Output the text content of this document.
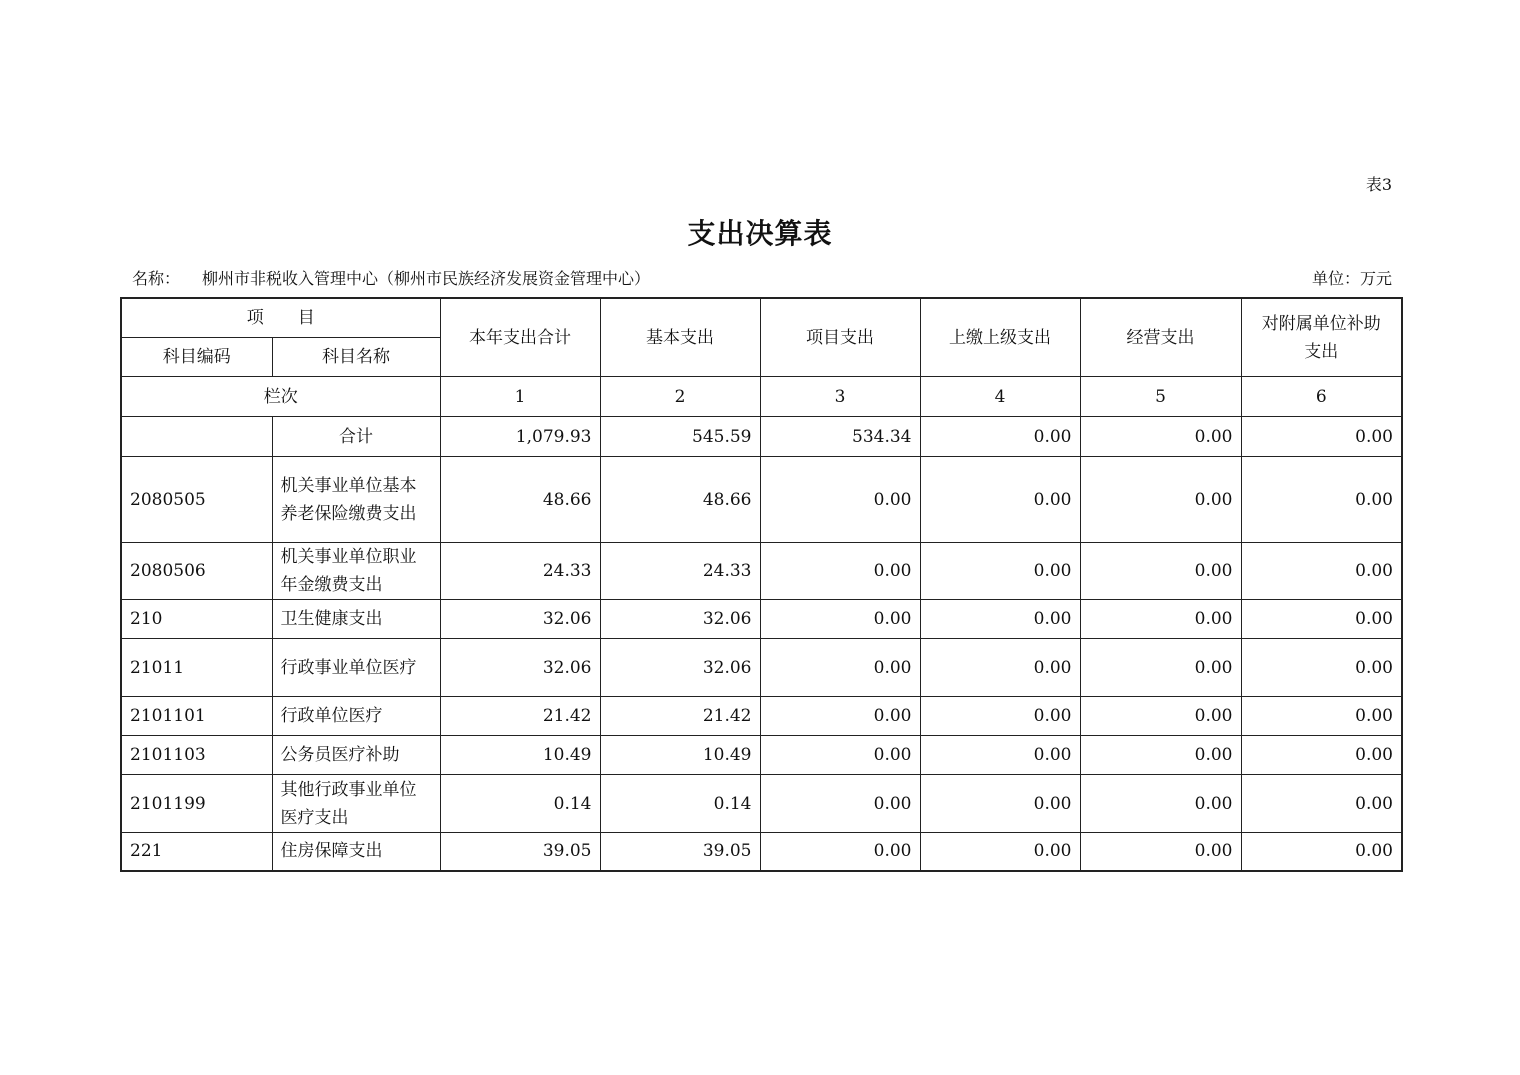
表3
支出决算表
名称： 柳州市非税收入管理中心（柳州市民族经济发展资金管理中心）	单位：万元
项　　目		本年支出合计	基本支出	项目支出	上缴上级支出	经营支出	对附属单位补助支出
科目编码	科目名称						
栏次		1	2	3	4	5	6
	合计	1,079.93	545.59	534.34	0.00	0.00	0.00
2080505	机关事业单位基本养老保险缴费支出	48.66	48.66	0.00	0.00	0.00	0.00
2080506	机关事业单位职业年金缴费支出	24.33	24.33	0.00	0.00	0.00	0.00
210	卫生健康支出	32.06	32.06	0.00	0.00	0.00	0.00
21011	行政事业单位医疗	32.06	32.06	0.00	0.00	0.00	0.00
2101101	行政单位医疗	21.42	21.42	0.00	0.00	0.00	0.00
2101103	公务员医疗补助	10.49	10.49	0.00	0.00	0.00	0.00
2101199	其他行政事业单位医疗支出	0.14	0.14	0.00	0.00	0.00	0.00
221	住房保障支出	39.05	39.05	0.00	0.00	0.00	0.00
